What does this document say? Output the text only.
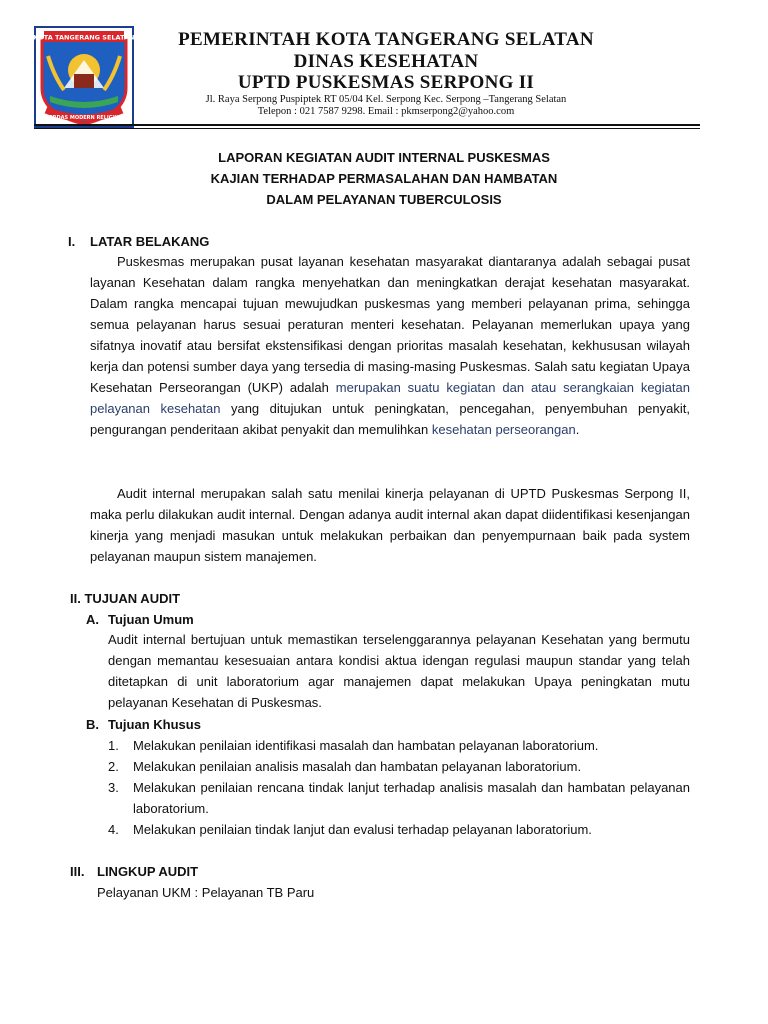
KOTA TANGERANG SELATAN
CERDAS MODERN RELIGIUS
PEMERINTAH KOTA TANGERANG SELATAN
DINAS KESEHATAN
UPTD PUSKESMAS SERPONG II
Jl. Raya Serpong Puspiptek RT 05/04 Kel. Serpong Kec. Serpong –Tangerang Selatan
Telepon : 021 7587 9298. Email : pkmserpong2@yahoo.com
LAPORAN KEGIATAN AUDIT INTERNAL PUSKESMAS
KAJIAN TERHADAP PERMASALAHAN DAN HAMBATAN
DALAM PELAYANAN TUBERCULOSIS
I. LATAR BELAKANG

Puskesmas merupakan pusat layanan kesehatan masyarakat diantaranya adalah sebagai pusat layanan Kesehatan dalam rangka menyehatkan dan meningkatkan derajat kesehatan masyarakat. Dalam rangka mencapai tujuan mewujudkan puskesmas yang memberi pelayanan prima, sehingga semua pelayanan harus sesuai peraturan menteri kesehatan. Pelayanan memerlukan upaya yang sifatnya inovatif atau bersifat ekstensifikasi dengan prioritas masalah kesehatan, kekhususan wilayah kerja dan potensi sumber daya yang tersedia di masing-masing Puskesmas. Salah satu kegiatan Upaya Kesehatan Perseorangan (UKP) adalah merupakan suatu kegiatan dan atau serangkaian kegiatan pelayanan kesehatan yang ditujukan untuk peningkatan, pencegahan, penyembuhan penyakit, pengurangan penderitaan akibat penyakit dan memulihkan kesehatan perseorangan.

Audit internal merupakan salah satu menilai kinerja pelayanan di UPTD Puskesmas Serpong II, maka perlu dilakukan audit internal. Dengan adanya audit internal akan dapat diidentifikasi kesenjangan kinerja yang menjadi masukan untuk melakukan perbaikan dan penyempurnaan baik pada system pelayanan maupun sistem manajemen.

II. TUJUAN AUDIT
A. Tujuan Umum

Audit internal bertujuan untuk memastikan terselenggarannya pelayanan Kesehatan yang bermutu dengan memantau kesesuaian antara kondisi aktua idengan regulasi maupun standar yang telah ditetapkan di unit laboratorium agar manajemen dapat melakukan Upaya peningkatan mutu pelayanan Kesehatan di Puskesmas.

B. Tujuan Khusus
1. Melakukan penilaian identifikasi masalah dan hambatan pelayanan laboratorium.
2. Melakukan penilaian analisis masalah dan hambatan pelayanan laboratorium.
3. Melakukan penilaian rencana tindak lanjut terhadap analisis masalah dan hambatan pelayanan laboratorium.
4. Melakukan penilaian tindak lanjut dan evalusi terhadap pelayanan laboratorium.
III. LINGKUP AUDIT
Pelayanan UKM : Pelayanan TB Paru
